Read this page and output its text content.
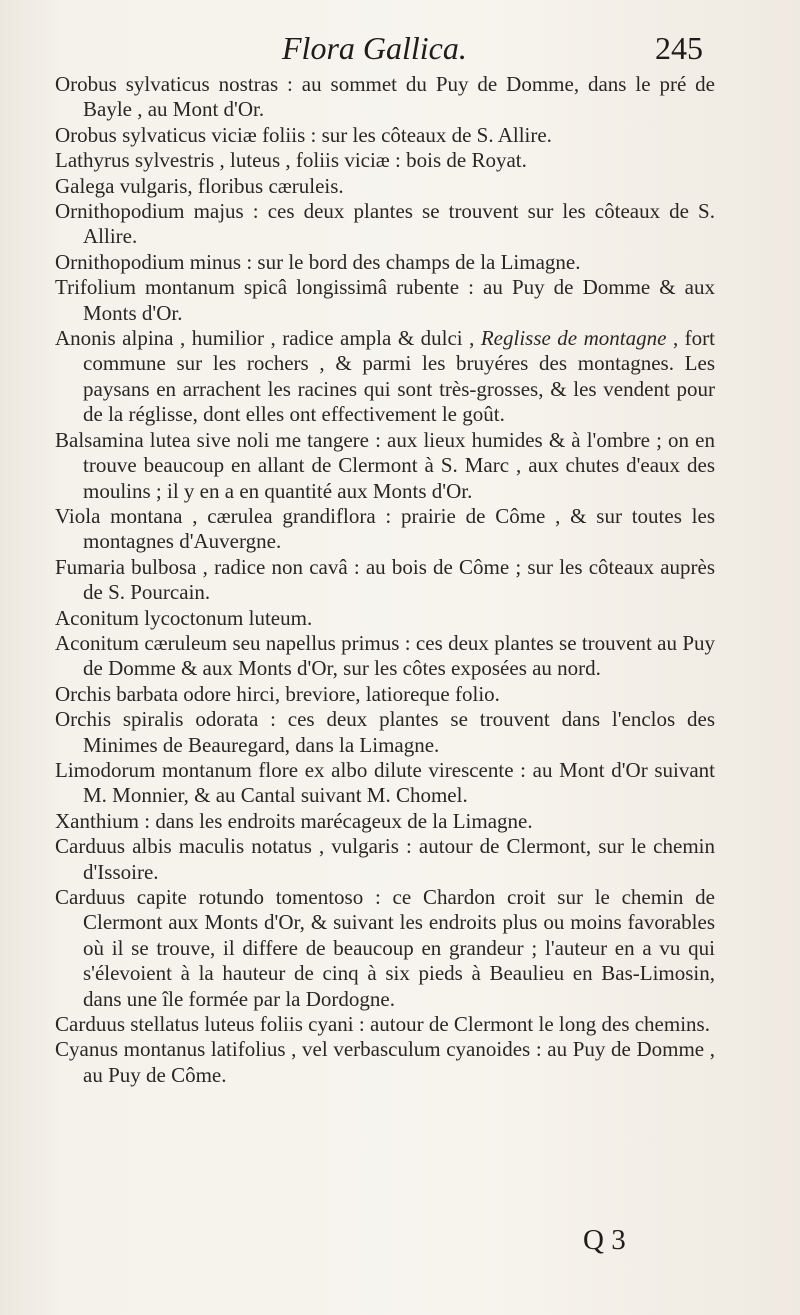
Flora Gallica.	245

Orobus sylvaticus nostras : au sommet du Puy de Domme, dans le pré de Bayle , au Mont d'Or.

Orobus sylvaticus viciæ foliis : sur les côteaux de S. Allire.

Lathyrus sylvestris , luteus , foliis viciæ : bois de Royat.

Galega vulgaris, floribus cæruleis.

Ornithopodium majus : ces deux plantes se trouvent sur les côteaux de S. Allire.

Ornithopodium minus : sur le bord des champs de la Limagne.

Trifolium montanum spicâ longissimâ rubente : au Puy de Domme & aux Monts d'Or.

Anonis alpina , humilior , radice ampla & dulci , Reglisse de montagne , fort commune sur les rochers , & parmi les bruyéres des montagnes. Les paysans en arrachent les racines qui sont très-grosses, & les vendent pour de la réglisse, dont elles ont effectivement le goût.

Balsamina lutea sive noli me tangere : aux lieux humides & à l'ombre ; on en trouve beaucoup en allant de Clermont à S. Marc , aux chutes d'eaux des moulins ; il y en a en quantité aux Monts d'Or.

Viola montana , cærulea grandiflora : prairie de Côme , & sur toutes les montagnes d'Auvergne.

Fumaria bulbosa , radice non cavâ : au bois de Côme ; sur les côteaux auprès de S. Pourcain.

Aconitum lycoctonum luteum.

Aconitum cæruleum seu napellus primus : ces deux plantes se trouvent au Puy de Domme & aux Monts d'Or, sur les côtes exposées au nord.

Orchis barbata odore hirci, breviore, latioreque folio.

Orchis spiralis odorata : ces deux plantes se trouvent dans l'enclos des Minimes de Beauregard, dans la Limagne.

Limodorum montanum flore ex albo dilute virescente : au Mont d'Or suivant M. Monnier, & au Cantal suivant M. Chomel.

Xanthium : dans les endroits marécageux de la Limagne.

Carduus albis maculis notatus , vulgaris : autour de Clermont, sur le chemin d'Issoire.

Carduus capite rotundo tomentoso : ce Chardon croit sur le chemin de Clermont aux Monts d'Or, & suivant les endroits plus ou moins favorables où il se trouve, il differe de beaucoup en grandeur ; l'auteur en a vu qui s'élevoient à la hauteur de cinq à six pieds à Beaulieu en Bas-Limosin, dans une île formée par la Dordogne.

Carduus stellatus luteus foliis cyani : autour de Clermont le long des chemins.

Cyanus montanus latifolius , vel verbasculum cyanoides : au Puy de Domme , au Puy de Côme.

Q 3
